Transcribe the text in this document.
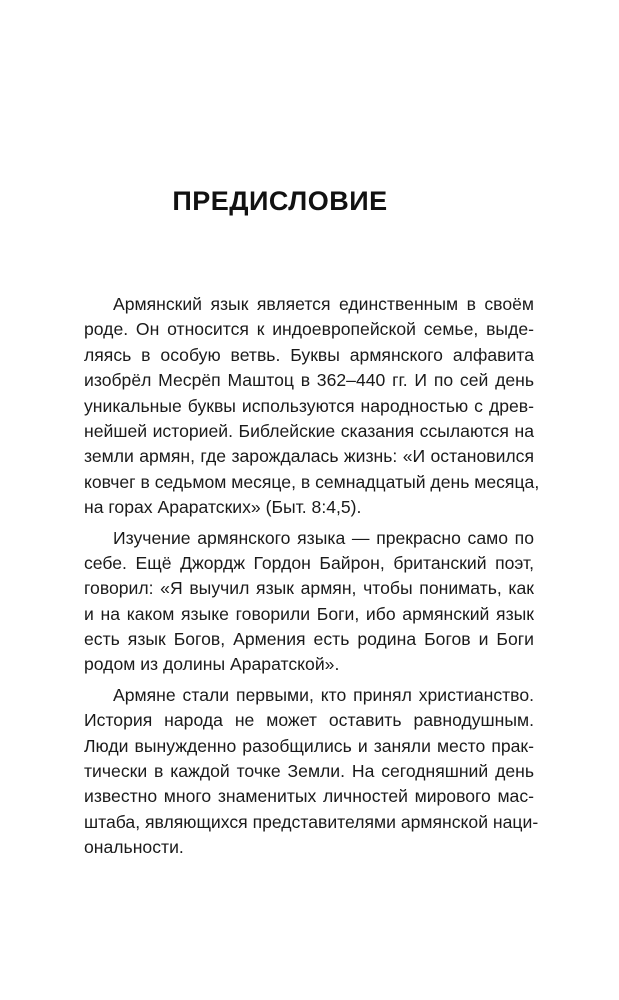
ПРЕДИСЛОВИЕ
Армянский язык является единственным в своём
роде. Он относится к индоевропейской семье, выде-
ляясь в особую ветвь. Буквы армянского алфавита
изобрёл Месрёп Маштоц в 362–440 гг. И по сей день
уникальные буквы используются народностью с древ-
нейшей историей. Библейские сказания ссылаются на
земли армян, где зарождалась жизнь: «И остановился
ковчег в седьмом месяце, в семнадцатый день месяца,
на горах Араратских» (Быт. 8:4,5).
Изучение армянского языка — прекрасно само по
себе. Ещё Джордж Гордон Байрон, британский поэт,
говорил: «Я выучил язык армян, чтобы понимать, как
и на каком языке говорили Боги, ибо армянский язык
есть язык Богов, Армения есть родина Богов и Боги
родом из долины Араратской».
Армяне стали первыми, кто принял христианство.
История народа не может оставить равнодушным.
Люди вынужденно разобщились и заняли место прак-
тически в каждой точке Земли. На сегодняшний день
известно много знаменитых личностей мирового мас-
штаба, являющихся представителями армянской наци-
ональности.
